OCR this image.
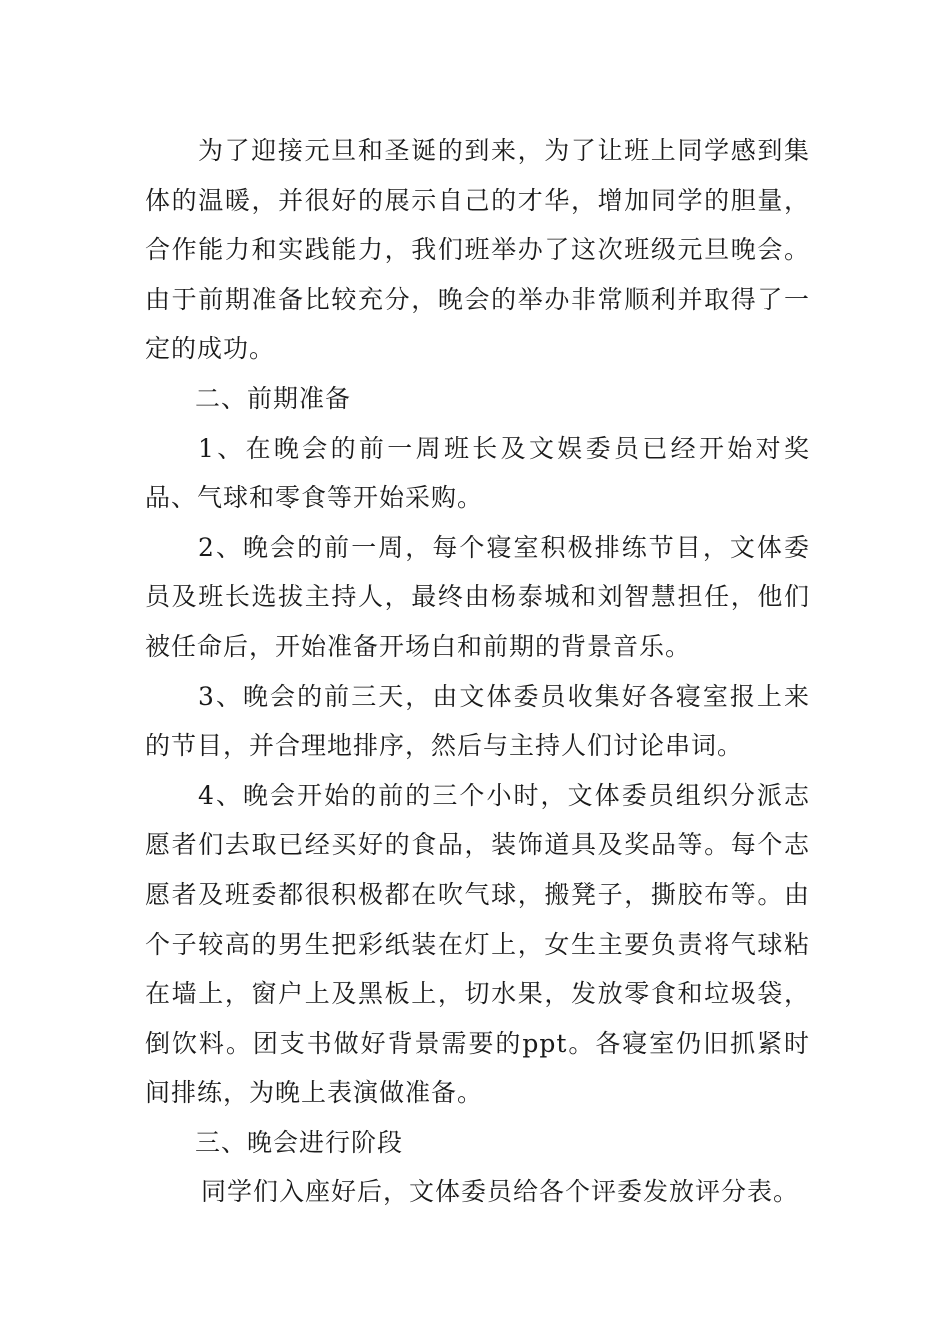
为了迎接元旦和圣诞的到来，为了让班上同学感到集体的温暖，并很好的展示自己的才华，增加同学的胆量，合作能力和实践能力，我们班举办了这次班级元旦晚会。由于前期准备比较充分，晚会的举办非常顺利并取得了一定的成功。

二、前期准备

1、在晚会的前一周班长及文娱委员已经开始对奖品、气球和零食等开始采购。

2、晚会的前一周，每个寝室积极排练节目，文体委员及班长选拔主持人，最终由杨泰城和刘智慧担任，他们被任命后，开始准备开场白和前期的背景音乐。

3、晚会的前三天，由文体委员收集好各寝室报上来的节目，并合理地排序，然后与主持人们讨论串词。

4、晚会开始的前的三个小时，文体委员组织分派志愿者们去取已经买好的食品，装饰道具及奖品等。每个志愿者及班委都很积极都在吹气球，搬凳子，撕胶布等。由个子较高的男生把彩纸装在灯上，女生主要负责将气球粘在墙上，窗户上及黑板上，切水果，发放零食和垃圾袋，倒饮料。团支书做好背景需要的ppt。各寝室仍旧抓紧时间排练，为晚上表演做准备。

三、晚会进行阶段

同学们入座好后，文体委员给各个评委发放评分表。
